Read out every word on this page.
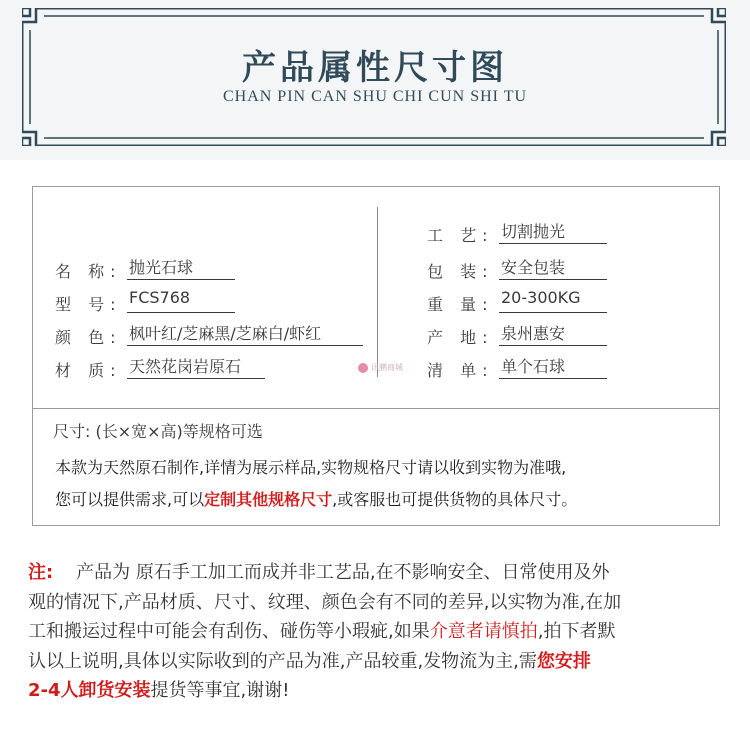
产品属性尺寸图
CHAN PIN CAN SHU CHI CUN SHI TU
名 称: 抛光石球
型 号: FCS768
颜 色: 枫叶红/芝麻黑/芝麻白/虾红
材 质: 天然花岗岩原石
工 艺: 切割抛光
包 装: 安全包装
重 量: 20-300KG
产 地: 泉州惠安
清 单: 单个石球
尺寸: (长×宽×高)等规格可选
本款为天然原石制作,详情为展示样品,实物规格尺寸请以收到实物为准哦,
您可以提供需求,可以定制其他规格尺寸,或客服也可提供货物的具体尺寸。
讯鹏商城
注: 产品为 原石手工加工而成并非工艺品,在不影响安全、日常使用及外
观的情况下,产品材质、尺寸、纹理、颜色会有不同的差异,以实物为准,在加
工和搬运过程中可能会有刮伤、碰伤等小瑕疵,如果介意者请慎拍,拍下者默
认以上说明,具体以实际收到的产品为准,产品较重,发物流为主,需您安排
2-4人卸货安装提货等事宜,谢谢!
